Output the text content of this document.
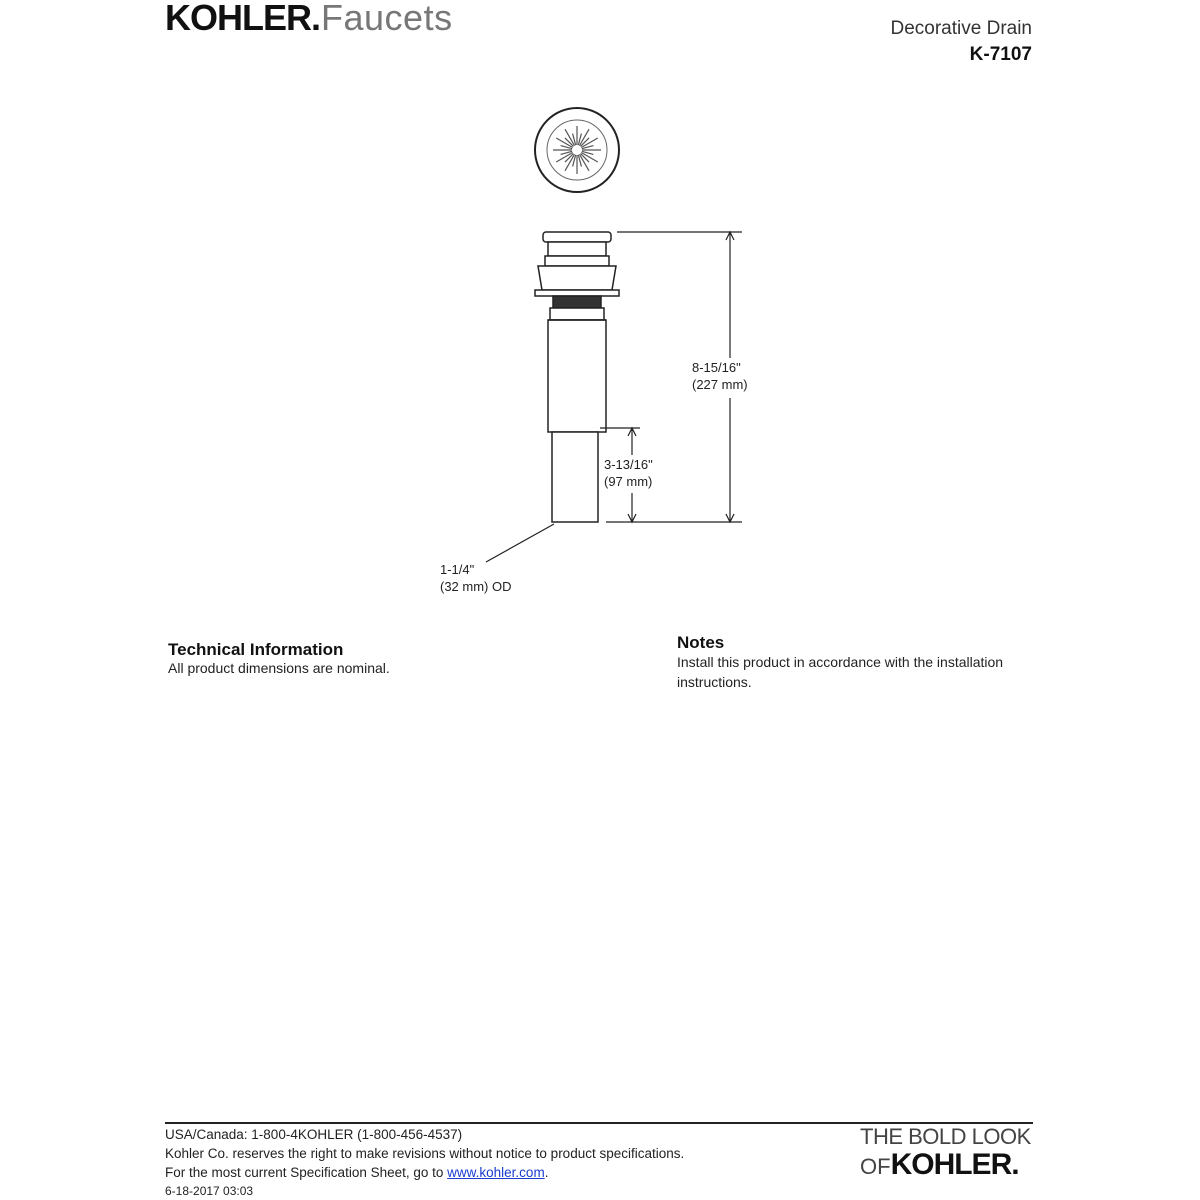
KOHLER.Faucets	Decorative Drain
K-7107
8-15/16"
(227 mm)
3-13/16"
(97 mm)
1-1/4"
(32 mm) OD
Technical Information
All product dimensions are nominal.
Notes
Install this product in accordance with the installation instructions.
USA/Canada: 1-800-4KOHLER (1-800-456-4537)
Kohler Co. reserves the right to make revisions without notice to product specifications.
For the most current Specification Sheet, go to www.kohler.com.
6-18-2017 03:03
THE BOLD LOOK
OFKOHLER.
